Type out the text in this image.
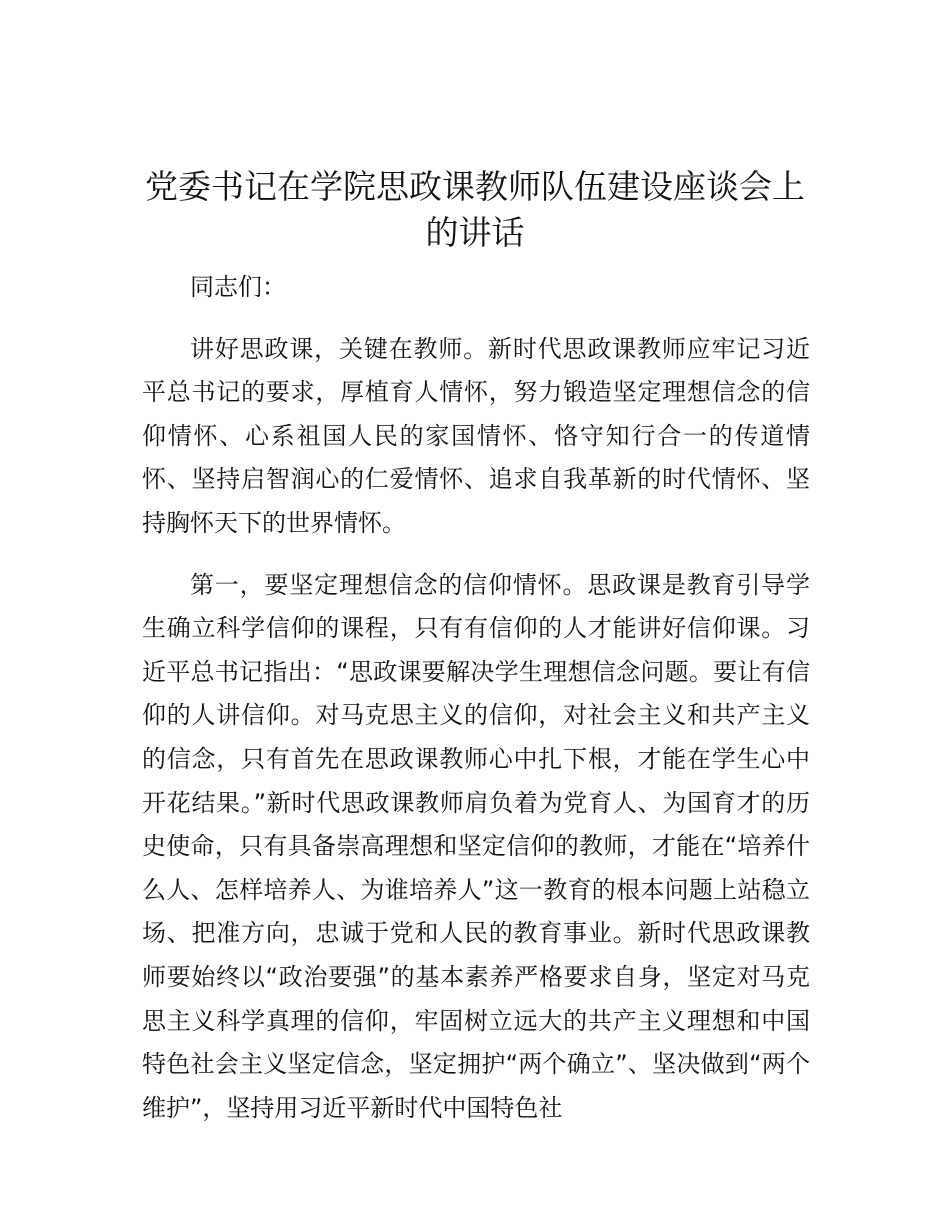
党委书记在学院思政课教师队伍建设座谈会上的讲话

同志们：

讲好思政课，关键在教师。新时代思政课教师应牢记习近平总书记的要求，厚植育人情怀，努力锻造坚定理想信念的信仰情怀、心系祖国人民的家国情怀、恪守知行合一的传道情怀、坚持启智润心的仁爱情怀、追求自我革新的时代情怀、坚持胸怀天下的世界情怀。

第一，要坚定理想信念的信仰情怀。思政课是教育引导学生确立科学信仰的课程，只有有信仰的人才能讲好信仰课。习近平总书记指出：“思政课要解决学生理想信念问题。要让有信仰的人讲信仰。对马克思主义的信仰，对社会主义和共产主义的信念，只有首先在思政课教师心中扎下根，才能在学生心中开花结果。”新时代思政课教师肩负着为党育人、为国育才的历史使命，只有具备崇高理想和坚定信仰的教师，才能在“培养什么人、怎样培养人、为谁培养人”这一教育的根本问题上站稳立场、把准方向，忠诚于党和人民的教育事业。新时代思政课教师要始终以“政治要强”的基本素养严格要求自身，坚定对马克思主义科学真理的信仰，牢固树立远大的共产主义理想和中国特色社会主义坚定信念，坚定拥护“两个确立”、坚决做到“两个维护”，坚持用习近平新时代中国特色社
